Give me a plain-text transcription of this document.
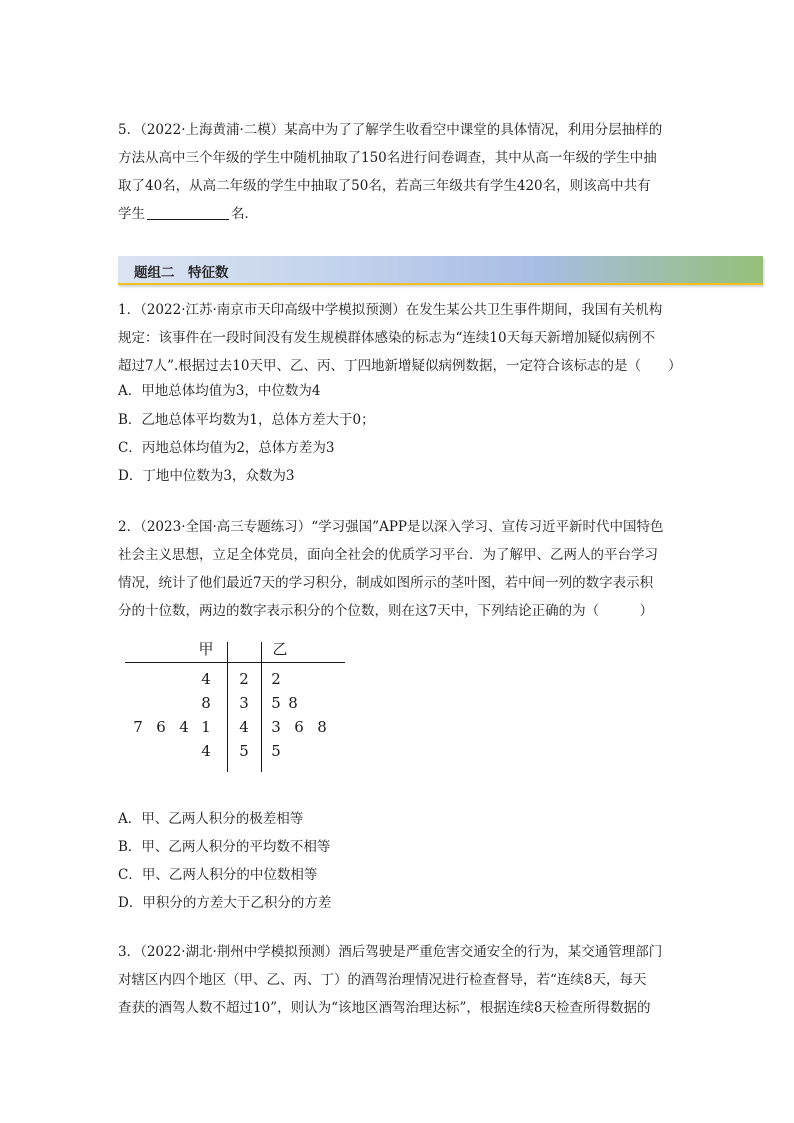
5．（2022·上海黄浦·二模）某高中为了了解学生收看空中课堂的具体情况，利用分层抽样的
方法从高中三个年级的学生中随机抽取了150名进行问卷调查，其中从高一年级的学生中抽
取了40名，从高二年级的学生中抽取了50名，若高三年级共有学生420名，则该高中共有
学生	名．
题组二　特征数
1．（2022·江苏·南京市天印高级中学模拟预测）在发生某公共卫生事件期间，我国有关机构
规定：该事件在一段时间没有发生规模群体感染的标志为“连续10天每天新增加疑似病例不
超过7人”.根据过去10天甲、乙、丙、丁四地新增疑似病例数据，一定符合该标志的是（　　）
A．甲地总体均值为3，中位数为4
B．乙地总体平均数为1，总体方差大于0；
C．丙地总体均值为2，总体方差为3
D．丁地中位数为3，众数为3
2．（2023·全国·高三专题练习）“学习强国”APP是以深入学习、宣传习近平新时代中国特色
社会主义思想，立足全体党员，面向全社会的优质学习平台．为了解甲、乙两人的平台学习
情况，统计了他们最近7天的学习积分，制成如图所示的茎叶图，若中间一列的数字表示积
分的十位数，两边的数字表示积分的个位数，则在这7天中，下列结论正确的为（　　　）
甲	乙
4	2	2
8	3	5 8
7 6 4 1	4	3 6 8
4	5	5
A．甲、乙两人积分的极差相等
B．甲、乙两人积分的平均数不相等
C．甲、乙两人积分的中位数相等
D．甲积分的方差大于乙积分的方差
3．（2022·湖北·荆州中学模拟预测）酒后驾驶是严重危害交通安全的行为，某交通管理部门
对辖区内四个地区（甲、乙、丙、丁）的酒驾治理情况进行检查督导，若“连续8天，每天
查获的酒驾人数不超过10”，则认为“该地区酒驾治理达标”，根据连续8天检查所得数据的
